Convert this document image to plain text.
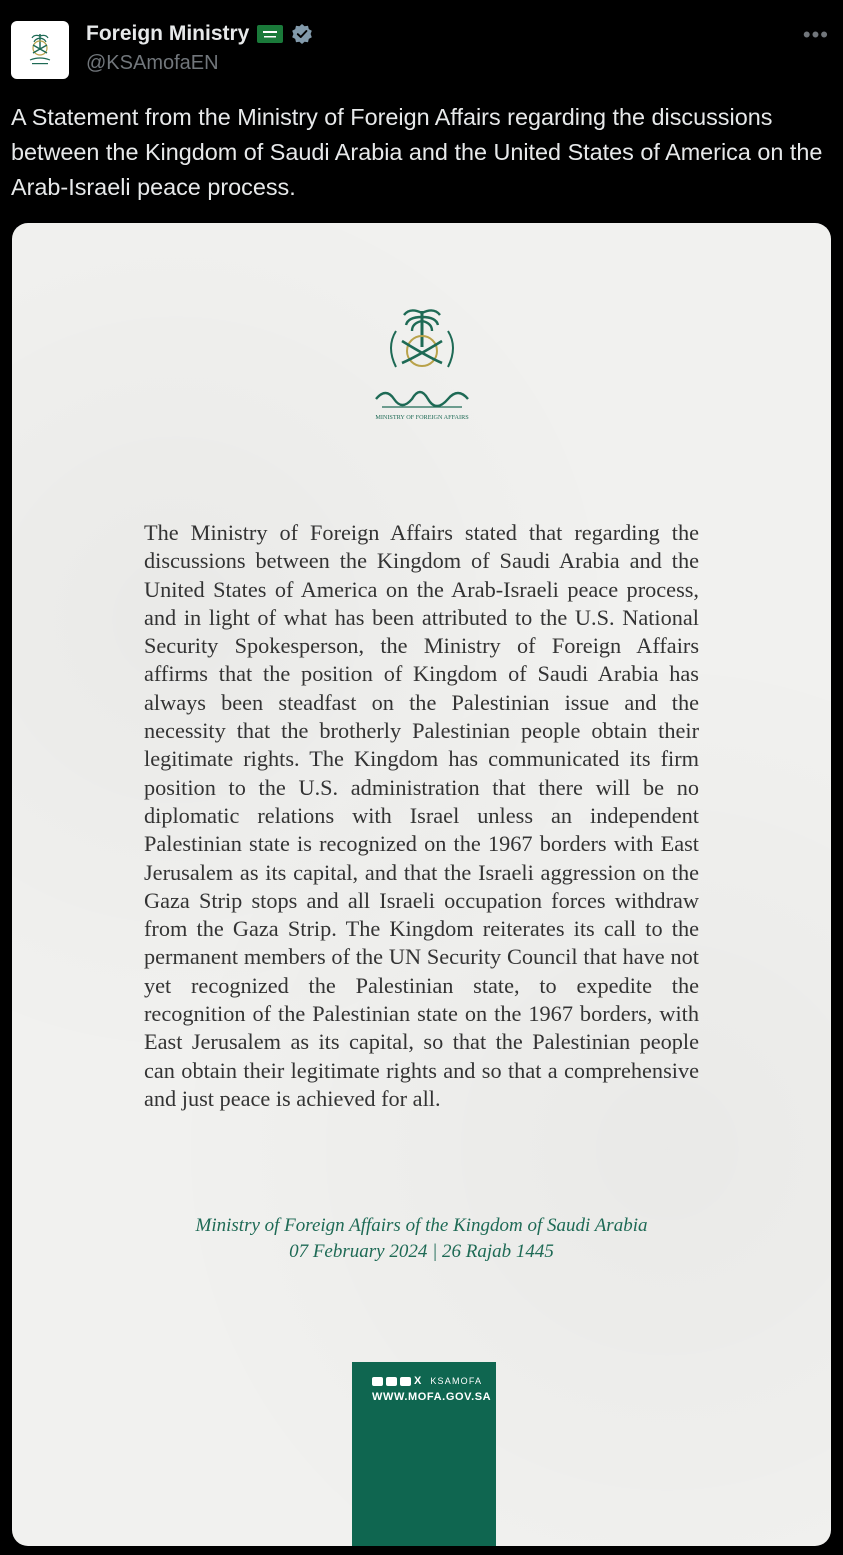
Foreign Ministry
@KSAmofaEN
•••
A Statement from the Ministry of Foreign Affairs regarding the discussions between the Kingdom of Saudi Arabia and the United States of America on the Arab-Israeli peace process.
MINISTRY OF FOREIGN AFFAIRS

The Ministry of Foreign Affairs stated that regarding the discussions between the Kingdom of Saudi Arabia and the United States of America on the Arab-Israeli peace process, and in light of what has been attributed to the U.S. National Security Spokesperson, the Ministry of Foreign Affairs affirms that the position of Kingdom of Saudi Arabia has always been steadfast on the Palestinian issue and the necessity that the brotherly Palestinian people obtain their legitimate rights. The Kingdom has communicated its firm position to the U.S. administration that there will be no diplomatic relations with Israel unless an independent Palestinian state is recognized on the 1967 borders with East Jerusalem as its capital, and that the Israeli aggression on the Gaza Strip stops and all Israeli occupation forces withdraw from the Gaza Strip. The Kingdom reiterates its call to the permanent members of the UN Security Council that have not yet recognized the Palestinian state, to expedite the recognition of the Palestinian state on the 1967 borders, with East Jerusalem as its capital, so that the Palestinian people can obtain their legitimate rights and so that a comprehensive and just peace is achieved for all.

Ministry of Foreign Affairs of the Kingdom of Saudi Arabia
07 February 2024 | 26 Rajab 1445
X KSAMOFA
WWW.MOFA.GOV.SA
